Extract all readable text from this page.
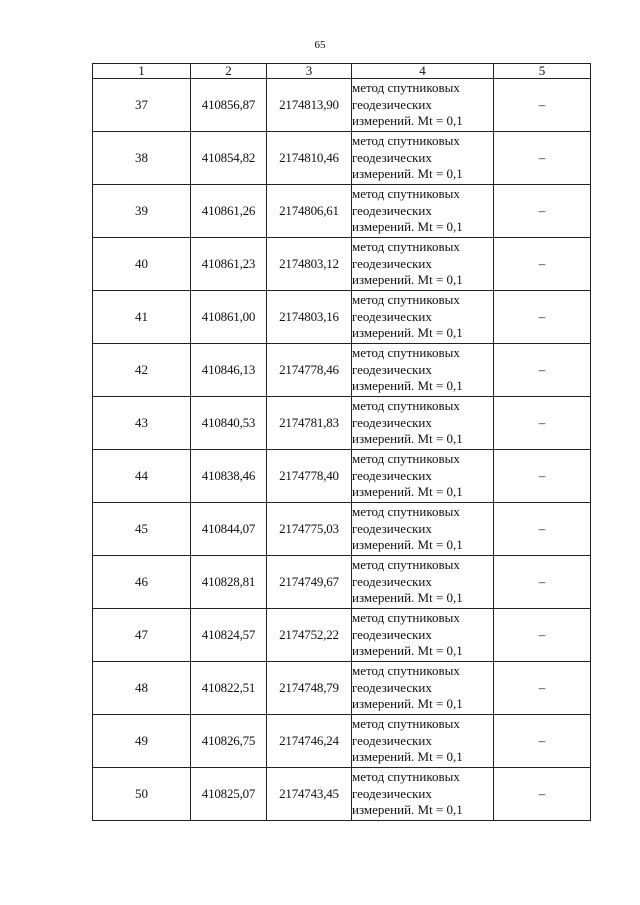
65
1	2	3	4	5
37	410856,87	2174813,90	метод спутниковых
геодезических
измерений. Mt = 0,1	–
38	410854,82	2174810,46	метод спутниковых
геодезических
измерений. Mt = 0,1	–
39	410861,26	2174806,61	метод спутниковых
геодезических
измерений. Mt = 0,1	–
40	410861,23	2174803,12	метод спутниковых
геодезических
измерений. Mt = 0,1	–
41	410861,00	2174803,16	метод спутниковых
геодезических
измерений. Mt = 0,1	–
42	410846,13	2174778,46	метод спутниковых
геодезических
измерений. Mt = 0,1	–
43	410840,53	2174781,83	метод спутниковых
геодезических
измерений. Mt = 0,1	–
44	410838,46	2174778,40	метод спутниковых
геодезических
измерений. Mt = 0,1	–
45	410844,07	2174775,03	метод спутниковых
геодезических
измерений. Mt = 0,1	–
46	410828,81	2174749,67	метод спутниковых
геодезических
измерений. Mt = 0,1	–
47	410824,57	2174752,22	метод спутниковых
геодезических
измерений. Mt = 0,1	–
48	410822,51	2174748,79	метод спутниковых
геодезических
измерений. Mt = 0,1	–
49	410826,75	2174746,24	метод спутниковых
геодезических
измерений. Mt = 0,1	–
50	410825,07	2174743,45	метод спутниковых
геодезических
измерений. Mt = 0,1	–
